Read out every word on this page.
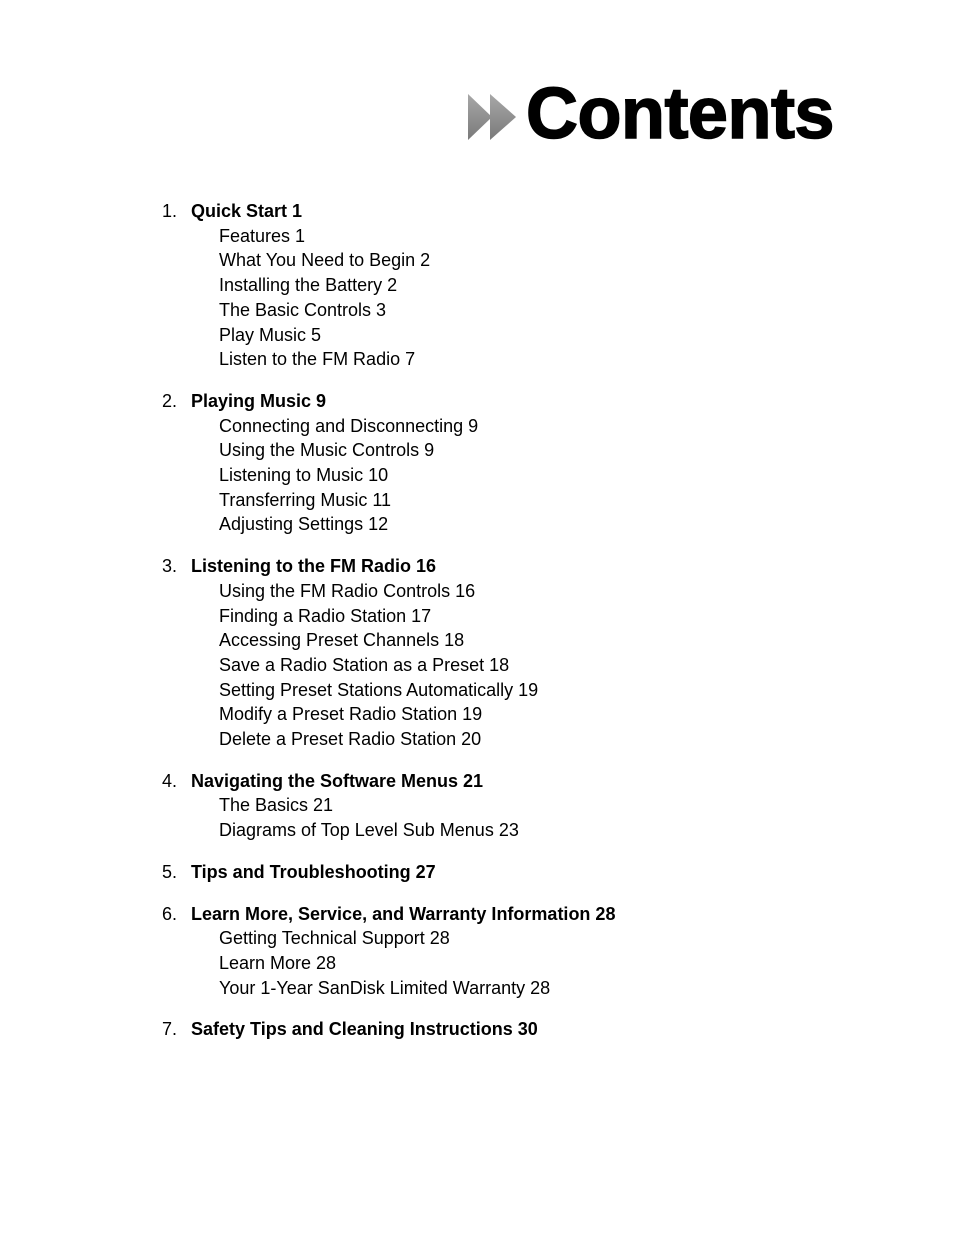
Contents
1. Quick Start 1
Features 1
What You Need to Begin 2
Installing the Battery 2
The Basic Controls 3
Play Music 5
Listen to the FM Radio 7
2. Playing Music 9
Connecting and Disconnecting 9
Using the Music Controls 9
Listening to Music 10
Transferring Music 11
Adjusting Settings 12
3. Listening to the FM Radio 16
Using the FM Radio Controls 16
Finding a Radio Station 17
Accessing Preset Channels 18
Save a Radio Station as a Preset 18
Setting Preset Stations Automatically 19
Modify a Preset Radio Station 19
Delete a Preset Radio Station 20
4. Navigating the Software Menus 21
The Basics 21
Diagrams of Top Level Sub Menus 23
5. Tips and Troubleshooting 27
6. Learn More, Service, and Warranty Information 28
Getting Technical Support 28
Learn More 28
Your 1-Year SanDisk Limited Warranty 28
7. Safety Tips and Cleaning Instructions 30
